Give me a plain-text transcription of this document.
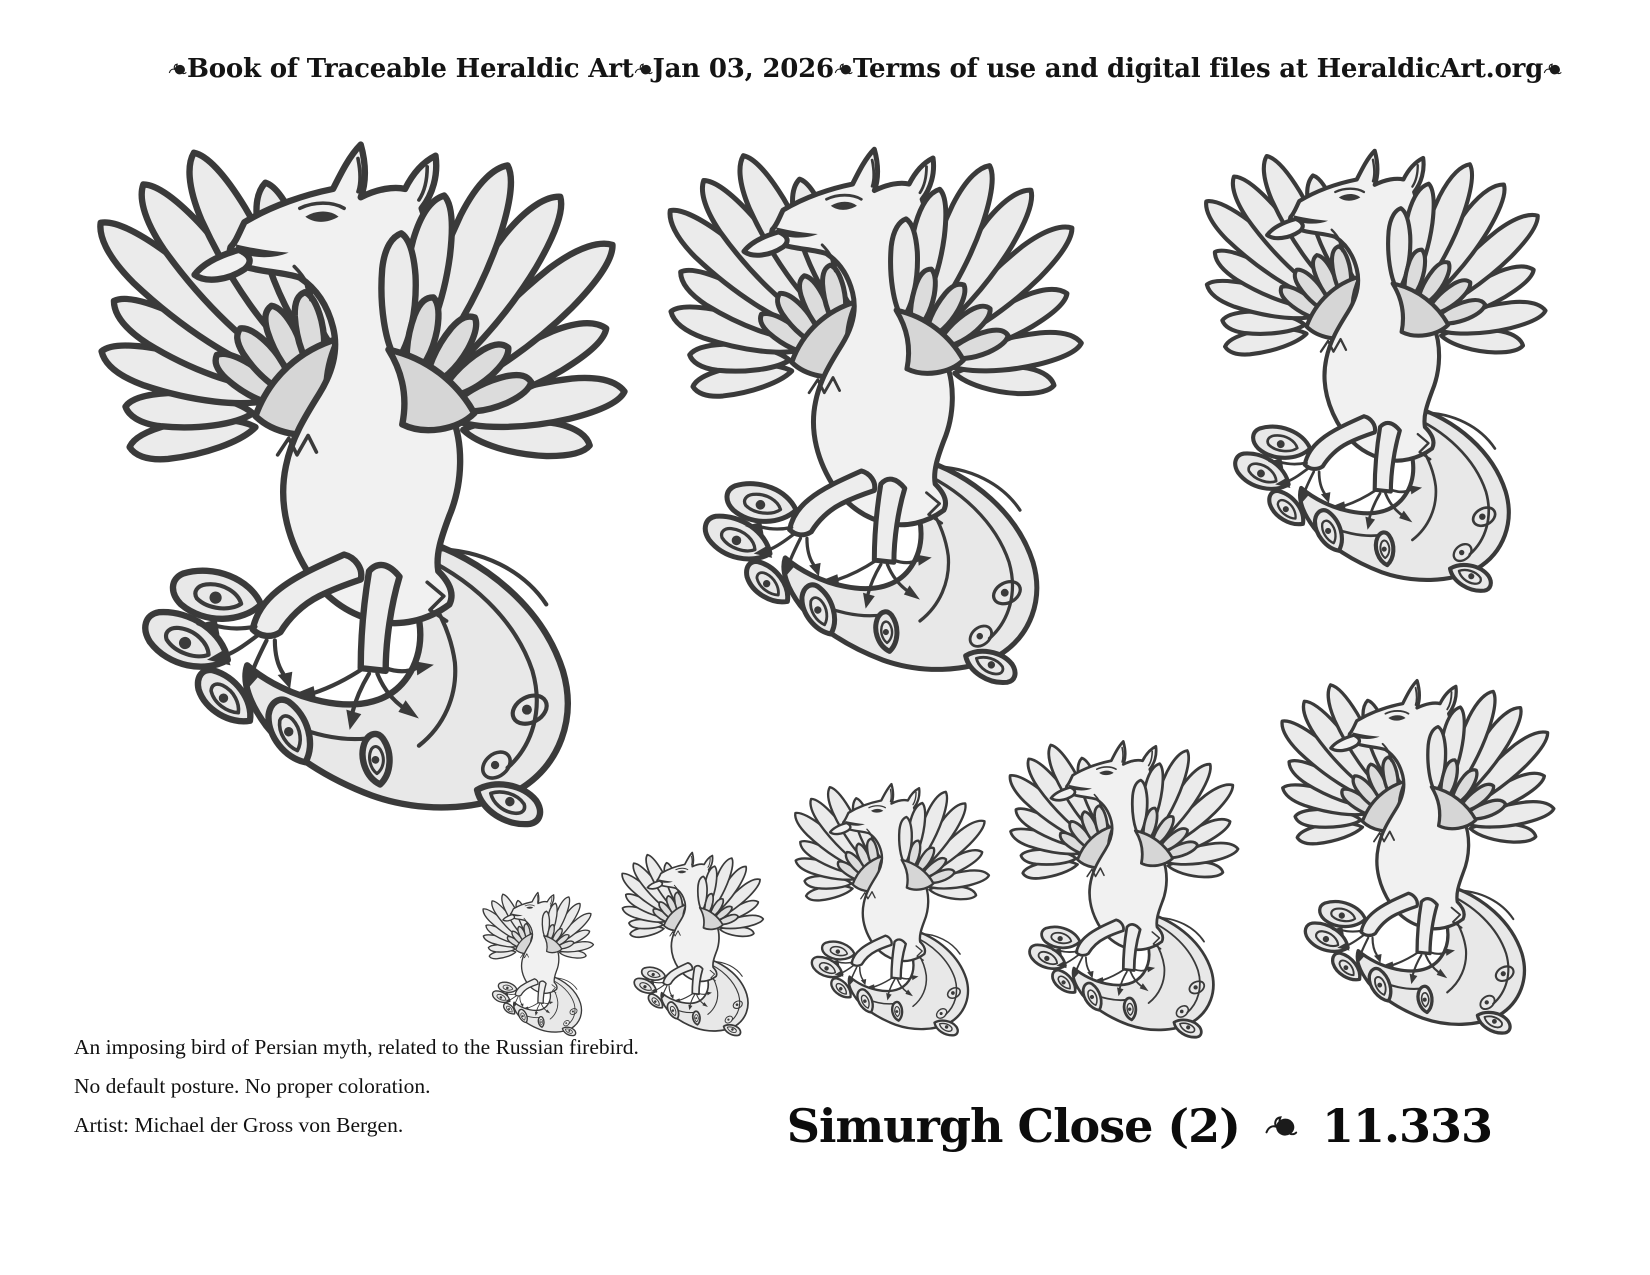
Book of Traceable Heraldic Art Jan 03, 2026 Terms of use and digital files at HeraldicArt.org

An imposing bird of Persian myth, related to the Russian firebird.

No default posture. No proper coloration.

Artist: Michael der Gross von Bergen.	Simurgh Close (2) 11.333
